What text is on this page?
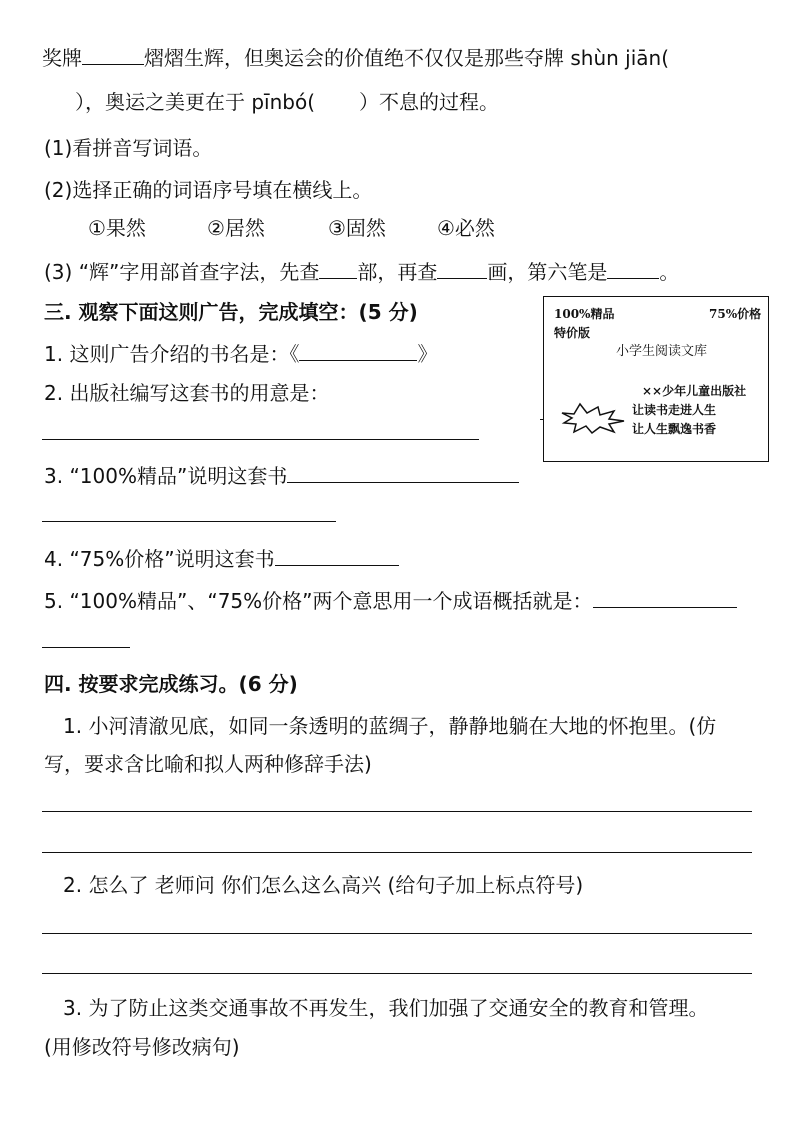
奖牌	熠熠生辉，但奥运会的价值绝不仅仅是那些夺牌 shùn jiān(
），奥运之美更在于 pīnbó( ）不息的过程。
(1)看拼音写词语。
(2)选择正确的词语序号填在横线上。
①果然	②居然	③固然	④必然
(3) “辉”字用部首查字法，先查 部，再查	画，第六笔是	。
三. 观察下面这则广告，完成填空：(5 分)
1. 这则广告介绍的书名是：《	》
2. 出版社编写这套书的用意是：
3. “100%精品”说明这套书
4. “75%价格”说明这套书
5. “100%精品”、“75%价格”两个意思用一个成语概括就是：
100%精品	75%价格
特价版
小学生阅读文库
××少年儿童出版社
让读书走进人生
让人生飘逸书香
四. 按要求完成练习。(6 分)
1. 小河清澈见底，如同一条透明的蓝绸子，静静地躺在大地的怀抱里。(仿
写，要求含比喻和拟人两种修辞手法)
2. 怎么了 老师问 你们怎么这么高兴 (给句子加上标点符号)
3. 为了防止这类交通事故不再发生，我们加强了交通安全的教育和管理。
(用修改符号修改病句)
